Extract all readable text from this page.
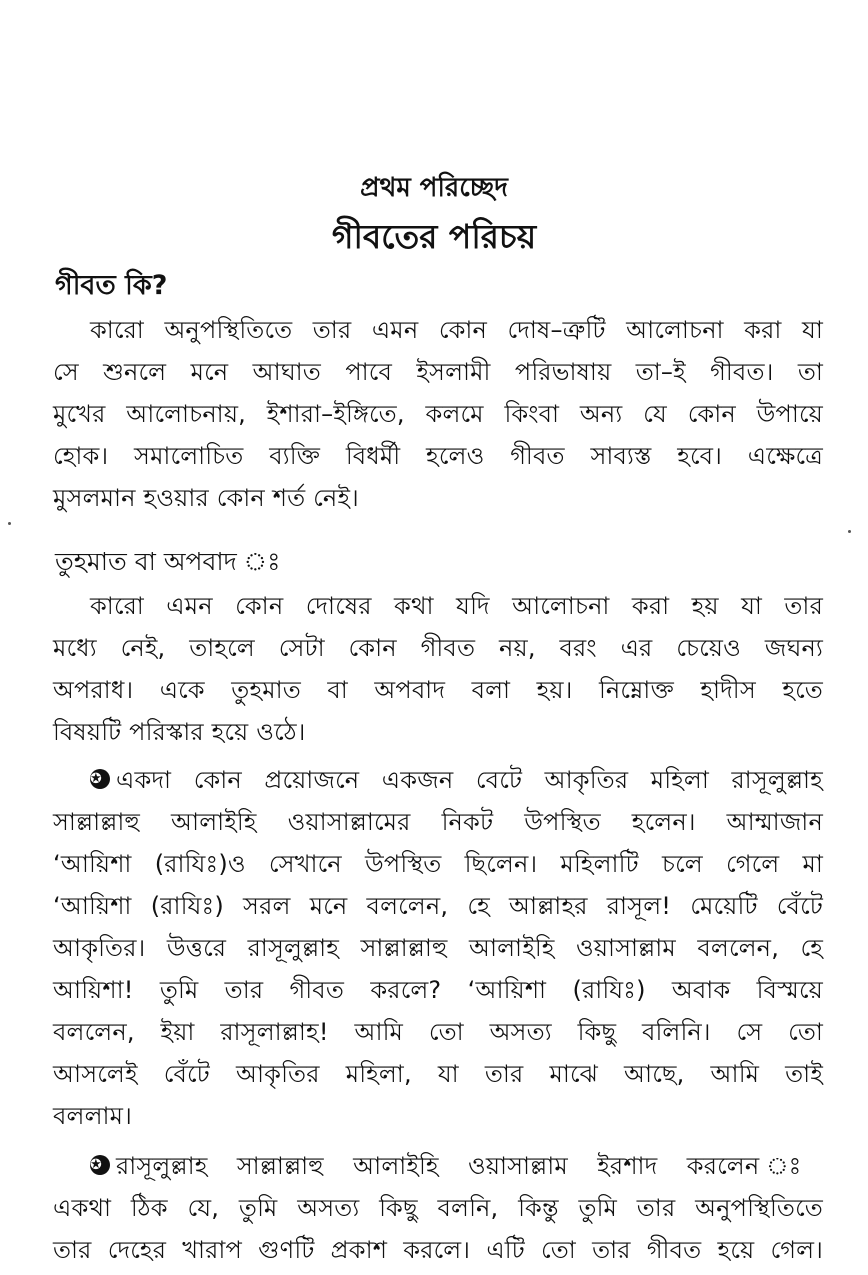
প্রথম পরিচ্ছেদ
গীবতের পরিচয়
গীবত কি?
কারো অনুপস্থিতিতে তার এমন কোন দোষ–ত্রুটি আলোচনা করা যা
সে শুনলে মনে আঘাত পাবে ইসলামী পরিভাষায় তা–ই গীবত। তা
মুখের আলোচনায়, ইশারা–ইঙ্গিতে, কলমে কিংবা অন্য যে কোন উপায়ে
হোক। সমালোচিত ব্যক্তি বিধর্মী হলেও গীবত সাব্যস্ত হবে। এক্ষেত্রে
মুসলমান হওয়ার কোন শর্ত নেই।
তুহমাত বা অপবাদ ঃ
কারো এমন কোন দোষের কথা যদি আলোচনা করা হয় যা তার
মধ্যে নেই, তাহলে সেটা কোন গীবত নয়, বরং এর চেয়েও জঘন্য
অপরাধ। একে তুহমাত বা অপবাদ বলা হয়। নিম্নোক্ত হাদীস হতে
বিষয়টি পরিস্কার হয়ে ওঠে।
✪ একদা কোন প্রয়োজনে একজন বেটে আকৃতির মহিলা রাসূলুল্লাহ
সাল্লাল্লাহু আলাইহি ওয়াসাল্লামের নিকট উপস্থিত হলেন। আম্মাজান
‘আয়িশা (রাযিঃ)ও সেখানে উপস্থিত ছিলেন। মহিলাটি চলে গেলে মা
‘আয়িশা (রাযিঃ) সরল মনে বললেন, হে আল্লাহর রাসূল! মেয়েটি বেঁটে
আকৃতির। উত্তরে রাসূলুল্লাহ সাল্লাল্লাহু আলাইহি ওয়াসাল্লাম বললেন, হে
আয়িশা! তুমি তার গীবত করলে? ‘আয়িশা (রাযিঃ) অবাক বিস্ময়ে
বললেন, ইয়া রাসূলাল্লাহ! আমি তো অসত্য কিছু বলিনি। সে তো
আসলেই বেঁটে আকৃতির মহিলা, যা তার মাঝে আছে, আমি তাই
বললাম।
✪ রাসূলুল্লাহ সাল্লাল্লাহু আলাইহি ওয়াসাল্লাম ইরশাদ করলেন ঃ
একথা ঠিক যে, তুমি অসত্য কিছু বলনি, কিন্তু তুমি তার অনুপস্থিতিতে
তার দেহের খারাপ গুণটি প্রকাশ করলে। এটি তো তার গীবত হয়ে গেল।
